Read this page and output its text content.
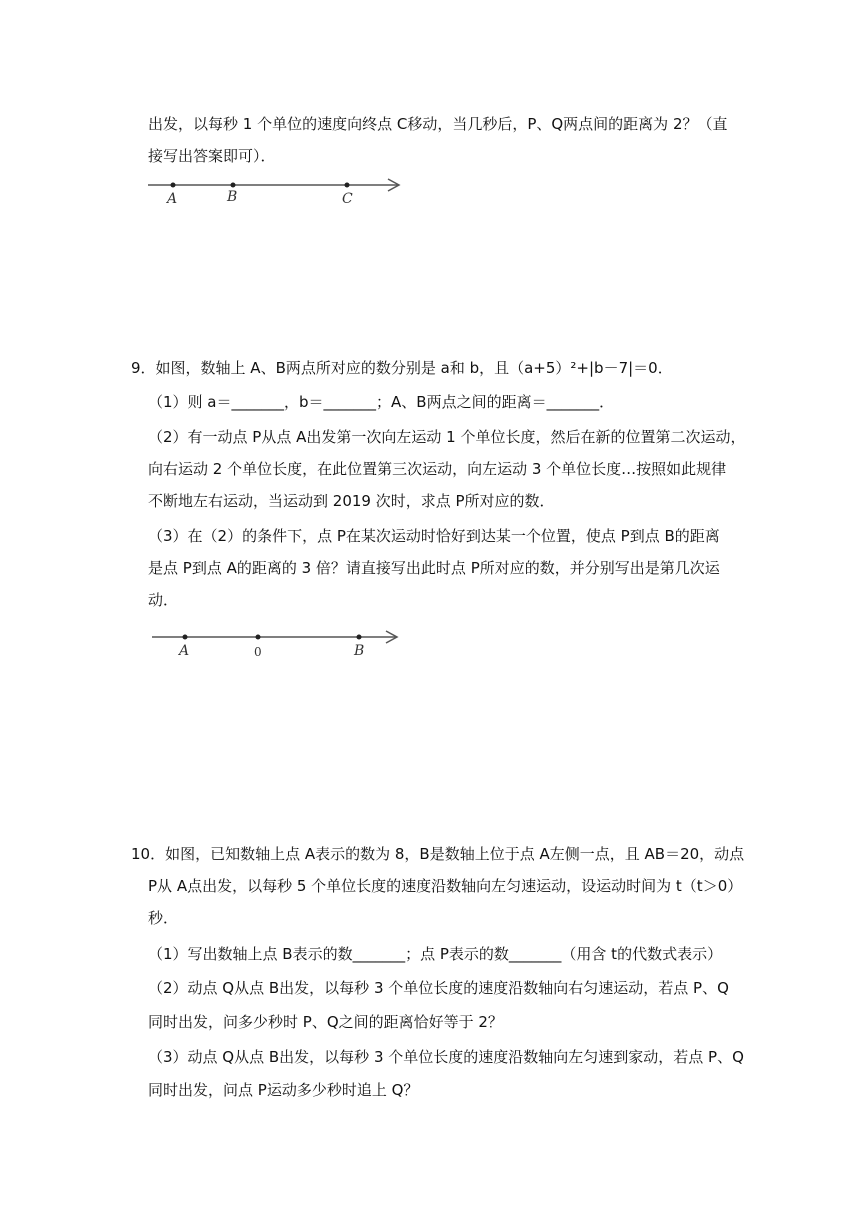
出发，以每秒 1 个单位的速度向终点 C移动，当几秒后，P、Q两点间的距离为 2？（直
接写出答案即可）．
A	B	C
9．如图，数轴上 A、B两点所对应的数分别是 a和 b，且（a+5）²+|b－7|＝0．
（1）则 a＝_______，b＝_______；A、B两点之间的距离＝_______．
（2）有一动点 P从点 A出发第一次向左运动 1 个单位长度，然后在新的位置第二次运动，
向右运动 2 个单位长度，在此位置第三次运动，向左运动 3 个单位长度…按照如此规律
不断地左右运动，当运动到 2019 次时，求点 P所对应的数．
（3）在（2）的条件下，点 P在某次运动时恰好到达某一个位置，使点 P到点 B的距离
是点 P到点 A的距离的 3 倍？请直接写出此时点 P所对应的数，并分别写出是第几次运
动．
A	0	B
10．如图，已知数轴上点 A表示的数为 8，B是数轴上位于点 A左侧一点，且 AB＝20，动点
P从 A点出发，以每秒 5 个单位长度的速度沿数轴向左匀速运动，设运动时间为 t（t＞0）
秒．
（1）写出数轴上点 B表示的数_______；点 P表示的数_______（用含 t的代数式表示）
（2）动点 Q从点 B出发，以每秒 3 个单位长度的速度沿数轴向右匀速运动，若点 P、Q
同时出发，问多少秒时 P、Q之间的距离恰好等于 2？
（3）动点 Q从点 B出发，以每秒 3 个单位长度的速度沿数轴向左匀速到家动，若点 P、Q
同时出发，问点 P运动多少秒时追上 Q？
